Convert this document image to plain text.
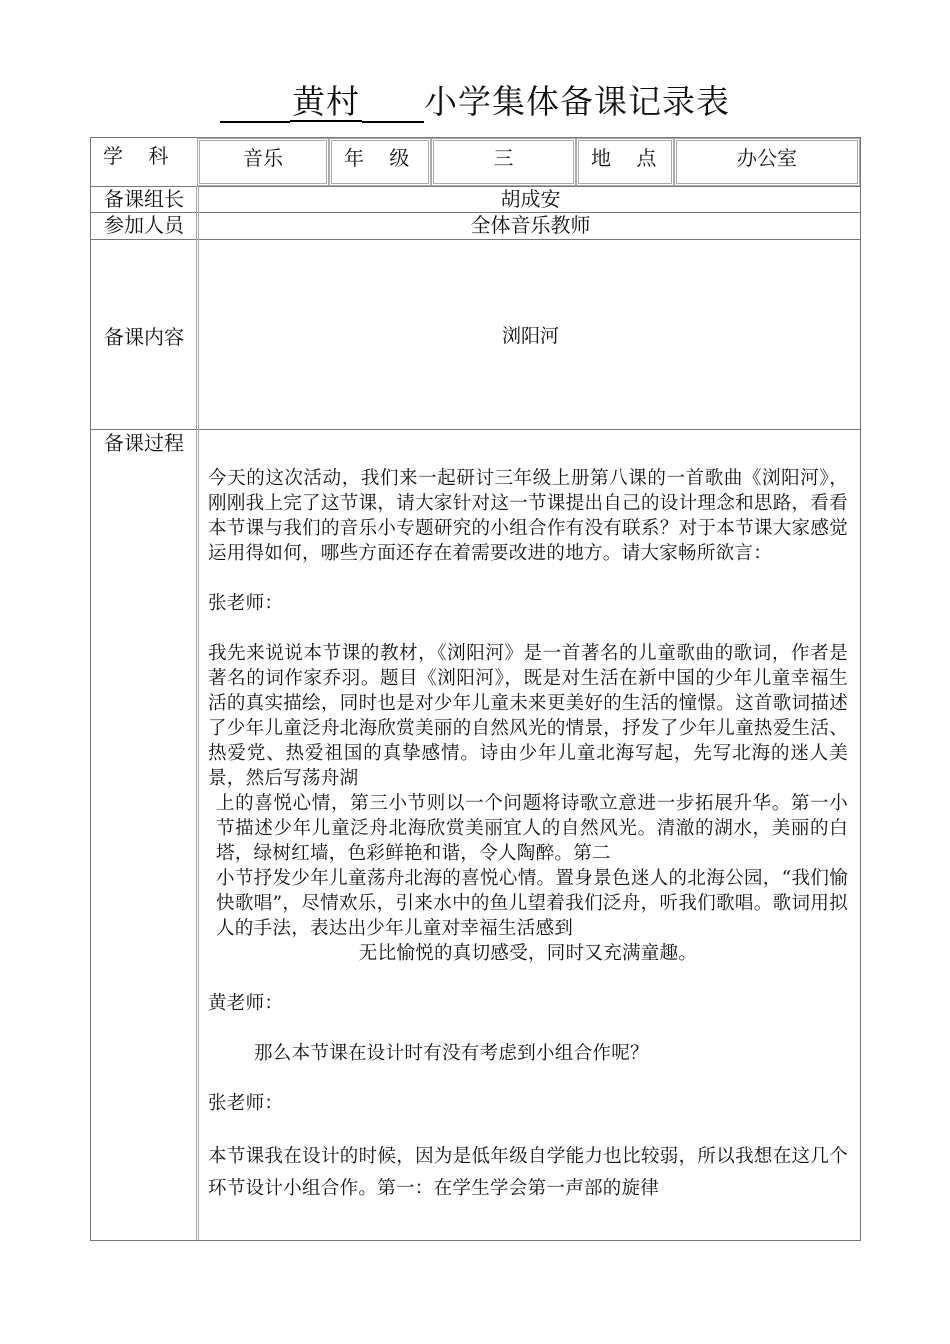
黄村 小学集体备课记录表
学    科	音乐	年    级	三	地    点	办公室
备课组长	胡成安
参加人员	全体音乐教师
备课内容	浏阳河
备课过程

今天的这次活动，我们来一起研讨三年级上册第八课的一首歌曲《浏阳河》，刚刚我上完了这节课，请大家针对这一节课提出自己的设计理念和思路，看看本节课与我们的音乐小专题研究的小组合作有没有联系？对于本节课大家感觉运用得如何，哪些方面还存在着需要改进的地方。请大家畅所欲言：

张老师：

我先来说说本节课的教材，《浏阳河》是一首著名的儿童歌曲的歌词，作者是著名的词作家乔羽。题目《浏阳河》，既是对生活在新中国的少年儿童幸福生活的真实描绘，同时也是对少年儿童未来更美好的生活的憧憬。这首歌词描述了少年儿童泛舟北海欣赏美丽的自然风光的情景，抒发了少年儿童热爱生活、热爱党、热爱祖国的真挚感情。诗由少年儿童北海写起，先写北海的迷人美景，然后写荡舟湖

上的喜悦心情，第三小节则以一个问题将诗歌立意进一步拓展升华。第一小节描述少年儿童泛舟北海欣赏美丽宜人的自然风光。清澈的湖水，美丽的白塔，绿树红墙，色彩鲜艳和谐，令人陶醉。第二

小节抒发少年儿童荡舟北海的喜悦心情。置身景色迷人的北海公园，“我们愉快歌唱”，尽情欢乐，引来水中的鱼儿望着我们泛舟，听我们歌唱。歌词用拟人的手法，表达出少年儿童对幸福生活感到

无比愉悦的真切感受，同时又充满童趣。

黄老师：

那么本节课在设计时有没有考虑到小组合作呢？

张老师：

本节课我在设计的时候，因为是低年级自学能力也比较弱，所以我想在这几个环节设计小组合作。第一：在学生学会第一声部的旋律
